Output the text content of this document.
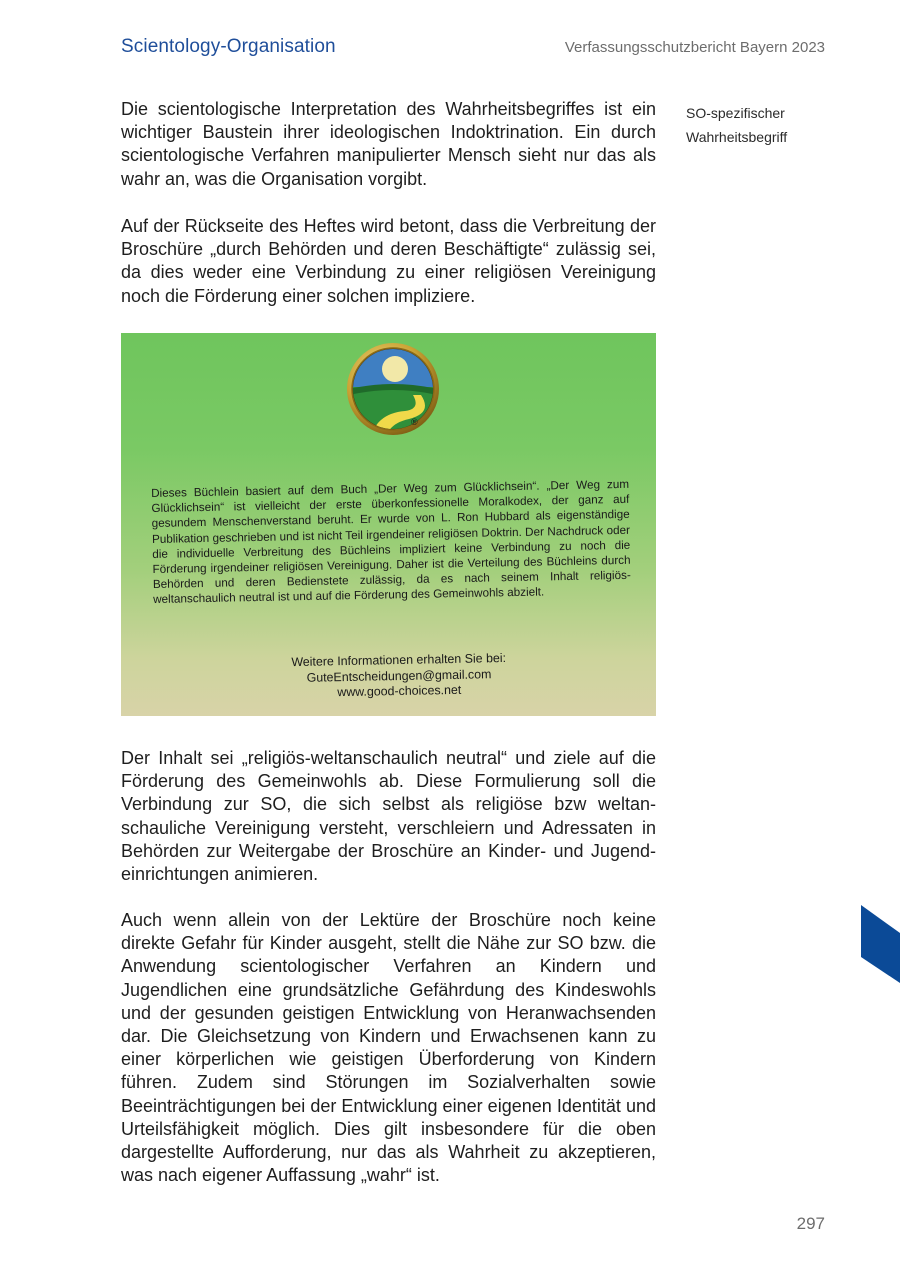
Scientology-Organisation	Verfassungsschutzbericht Bayern 2023

Die scientologische Interpretation des Wahrheitsbegriffes ist ein wichtiger Baustein ihrer ideologischen Indoktrination. Ein durch scientologische Verfahren manipulierter Mensch sieht nur das als wahr an, was die Organisation vorgibt.

SO-spezifischer
Wahrheitsbegriff

Auf der Rückseite des Heftes wird betont, dass die Verbreitung der Broschüre „durch Behörden und deren Beschäftigte“ zulässig sei, da dies weder eine Verbindung zu einer religiösen Vereinigung noch die Förderung einer solchen impliziere.

®
Dieses Büchlein basiert auf dem Buch „Der Weg zum Glücklichsein“. „Der Weg zum Glücklichsein“ ist vielleicht der erste überkonfessionelle Moralkodex, der ganz auf gesundem Menschenverstand beruht. Er wurde von L. Ron Hubbard als eigenständige Publikation geschrieben und ist nicht Teil irgendeiner religiösen Doktrin. Der Nachdruck oder die individuelle Verbreitung des Büchleins impliziert keine Verbindung zu noch die Förderung irgendeiner religiösen Vereinigung. Daher ist die Verteilung des Büchleins durch Behörden und deren Bedienstete zulässig, da es nach seinem Inhalt religiös-weltanschaulich neutral ist und auf die Förderung des Gemeinwohls abzielt.
Weitere Informationen erhalten Sie bei:
GuteEntscheidungen@gmail.com
www.good-choices.net

Der Inhalt sei „religiös-weltanschaulich neutral“ und ziele auf die Förderung des Gemeinwohls ab. Diese Formulierung soll die Verbindung zur SO, die sich selbst als religiöse bzw weltanschauliche Vereinigung versteht, verschleiern und Adressaten in Behörden zur Weitergabe der Broschüre an Kinder- und Jugendeinrichtungen animieren.

Auch wenn allein von der Lektüre der Broschüre noch keine direkte Gefahr für Kinder ausgeht, stellt die Nähe zur SO bzw. die Anwendung scientologischer Verfahren an Kindern und Jugendlichen eine grundsätzliche Gefährdung des Kindeswohls und der gesunden geistigen Entwicklung von Heranwachsenden dar. Die Gleichsetzung von Kindern und Erwachsenen kann zu einer körperlichen wie geistigen Überforderung von Kindern führen. Zudem sind Störungen im Sozialverhalten sowie Beeinträchtigungen bei der Entwicklung einer eigenen Identität und Urteilsfähigkeit möglich. Dies gilt insbesondere für die oben dargestellte Aufforderung, nur das als Wahrheit zu akzeptieren, was nach eigener Auffassung „wahr“ ist.

297
